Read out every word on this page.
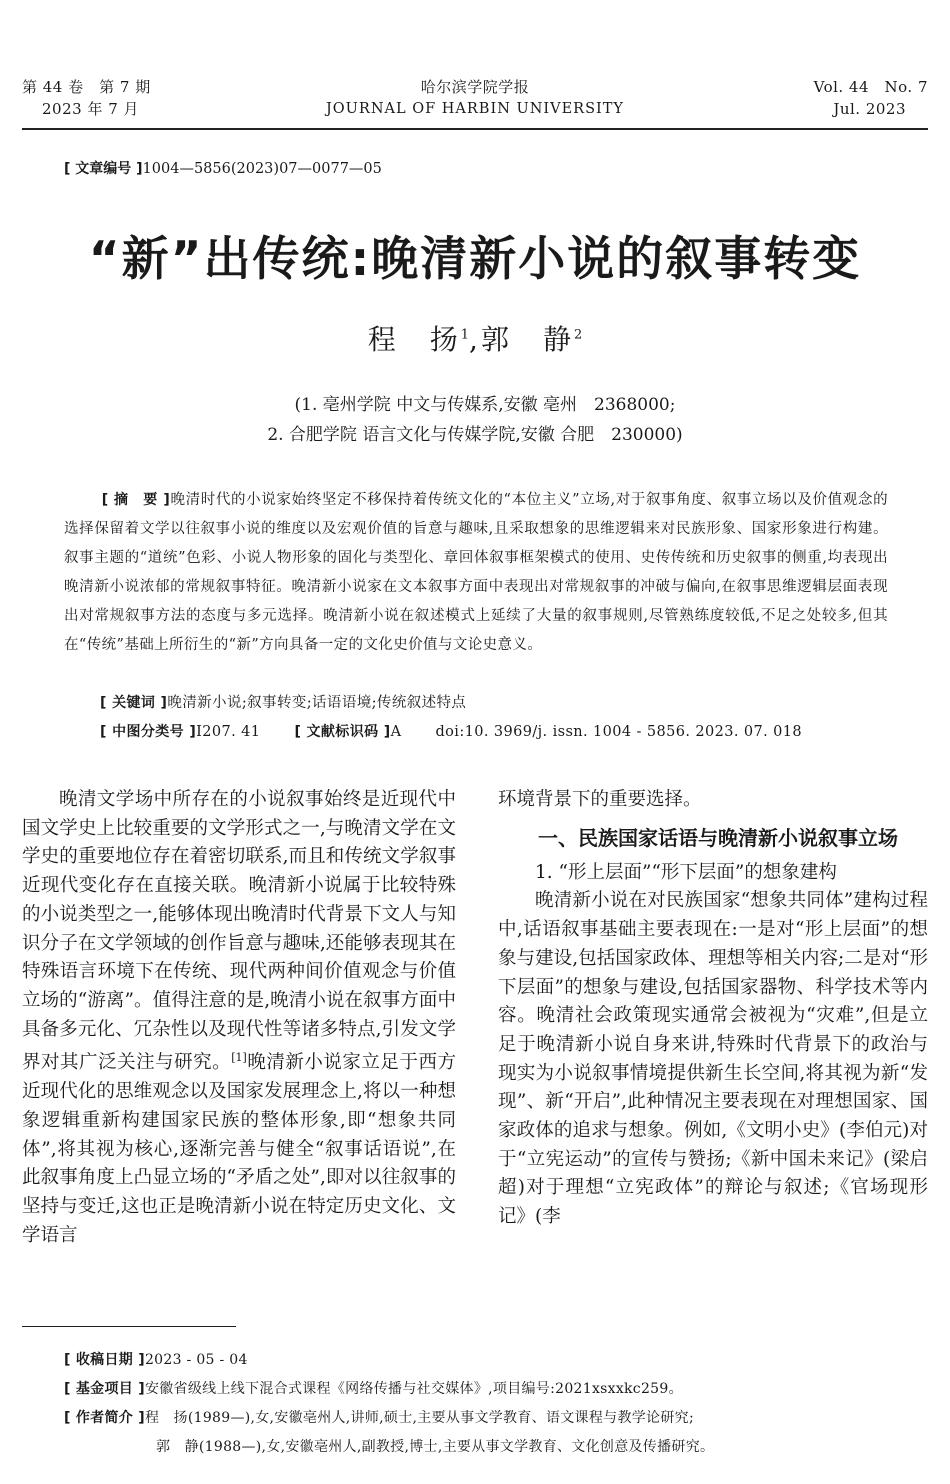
第 44 卷　第 7 期
2023 年 7 月
哈尔滨学院学报
JOURNAL OF HARBIN UNIVERSITY
Vol. 44　No. 7
Jul. 2023
[ 文章编号 ]1004—5856(2023)07—0077—05
“新”出传统:晚清新小说的叙事转变
程　扬$^1$,郭　静$^2$
(1. 亳州学院 中文与传媒系,安徽 亳州　2368000;
2. 合肥学院 语言文化与传媒学院,安徽 合肥　230000)
[ 摘　要 ]晚清时代的小说家始终坚定不移保持着传统文化的“本位主义”立场,对于叙事角度、叙事立场以及价值观念的选择保留着文学以往叙事小说的维度以及宏观价值的旨意与趣味,且采取想象的思维逻辑来对民族形象、国家形象进行构建。叙事主题的“道统”色彩、小说人物形象的固化与类型化、章回体叙事框架模式的使用、史传传统和历史叙事的侧重,均表现出晚清新小说浓郁的常规叙事特征。晚清新小说家在文本叙事方面中表现出对常规叙事的冲破与偏向,在叙事思维逻辑层面表现出对常规叙事方法的态度与多元选择。晚清新小说在叙述模式上延续了大量的叙事规则,尽管熟练度较低,不足之处较多,但其在“传统”基础上所衍生的“新”方向具备一定的文化史价值与文论史意义。
[ 关键词 ]晚清新小说;叙事转变;话语语境;传统叙述特点
[ 中图分类号 ]I207. 41 [ 文献标识码 ]A doi:10. 3969/j. issn. 1004 - 5856. 2023. 07. 018

晚清文学场中所存在的小说叙事始终是近现代中国文学史上比较重要的文学形式之一,与晚清文学在文学史的重要地位存在着密切联系,而且和传统文学叙事近现代变化存在直接关联。晚清新小说属于比较特殊的小说类型之一,能够体现出晚清时代背景下文人与知识分子在文学领域的创作旨意与趣味,还能够表现其在特殊语言环境下在传统、现代两种间价值观念与价值立场的“游离”。值得注意的是,晚清小说在叙事方面中具备多元化、冗杂性以及现代性等诸多特点,引发文学界对其广泛关注与研究。[1]晚清新小说家立足于西方近现代化的思维观念以及国家发展理念上,将以一种想象逻辑重新构建国家民族的整体形象,即“想象共同体”,将其视为核心,逐渐完善与健全“叙事话语说”,在此叙事角度上凸显立场的“矛盾之处”,即对以往叙事的坚持与变迁,这也正是晚清新小说在特定历史文化、文学语言

环境背景下的重要选择。

一、民族国家话语与晚清新小说叙事立场

1. “形上层面”“形下层面”的想象建构

晚清新小说在对民族国家“想象共同体”建构过程中,话语叙事基础主要表现在:一是对“形上层面”的想象与建设,包括国家政体、理想等相关内容;二是对“形下层面”的想象与建设,包括国家器物、科学技术等内容。晚清社会政策现实通常会被视为“灾难”,但是立足于晚清新小说自身来讲,特殊时代背景下的政治与现实为小说叙事情境提供新生长空间,将其视为新“发现”、新“开启”,此种情况主要表现在对理想国家、国家政体的追求与想象。例如,《文明小史》(李伯元)对于“立宪运动”的宣传与赞扬;《新中国未来记》(梁启超)对于理想“立宪政体”的辩论与叙述;《官场现形记》(李

[ 收稿日期 ]2023 - 05 - 04
[ 基金项目 ]安徽省级线上线下混合式课程《网络传播与社交媒体》,项目编号:2021xsxxkc259。
[ 作者简介 ]程　扬(1989—),女,安徽亳州人,讲师,硕士,主要从事文学教育、语文课程与教学论研究;
郭　静(1988—),女,安徽亳州人,副教授,博士,主要从事文学教育、文化创意及传播研究。
